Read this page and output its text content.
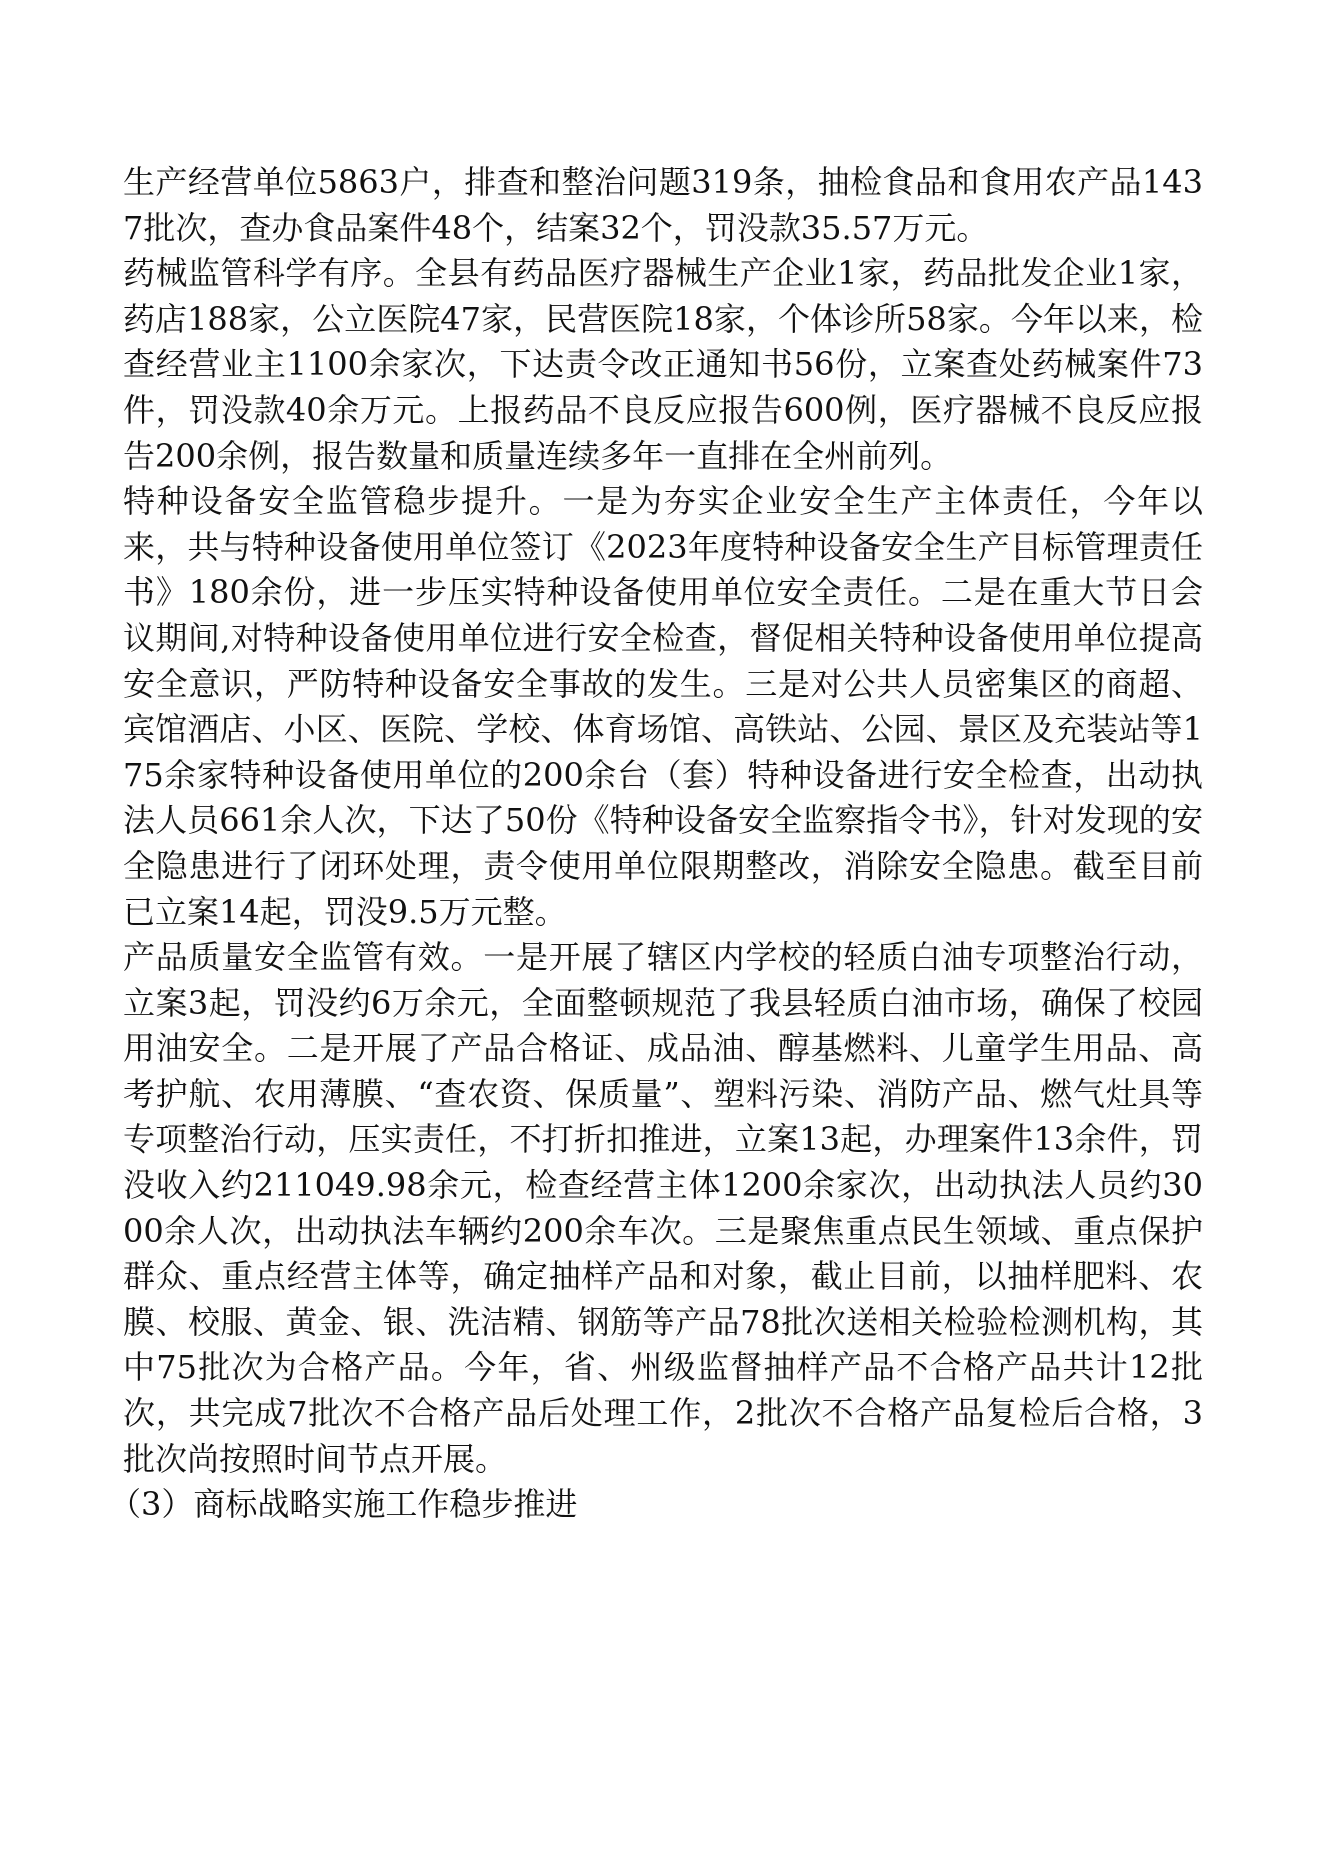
生产经营单位5863户，排查和整治问题319条，抽检食品和食用农产品1437批次，查办食品案件48个，结案32个，罚没款35.57万元。

药械监管科学有序。全县有药品医疗器械生产企业1家，药品批发企业1家，药店188家，公立医院47家，民营医院18家，个体诊所58家。今年以来，检查经营业主1100余家次，下达责令改正通知书56份，立案查处药械案件73件，罚没款40余万元。上报药品不良反应报告600例，医疗器械不良反应报告200余例，报告数量和质量连续多年一直排在全州前列。

特种设备安全监管稳步提升。一是为夯实企业安全生产主体责任，今年以来，共与特种设备使用单位签订《2023年度特种设备安全生产目标管理责任书》180余份，进一步压实特种设备使用单位安全责任。二是在重大节日会议期间,对特种设备使用单位进行安全检查，督促相关特种设备使用单位提高安全意识，严防特种设备安全事故的发生。三是对公共人员密集区的商超、宾馆酒店、小区、医院、学校、体育场馆、高铁站、公园、景区及充装站等175余家特种设备使用单位的200余台（套）特种设备进行安全检查，出动执法人员661余人次，下达了50份《特种设备安全监察指令书》，针对发现的安全隐患进行了闭环处理，责令使用单位限期整改，消除安全隐患。截至目前已立案14起，罚没9.5万元整。

产品质量安全监管有效。一是开展了辖区内学校的轻质白油专项整治行动，立案3起，罚没约6万余元，全面整顿规范了我县轻质白油市场，确保了校园用油安全。二是开展了产品合格证、成品油、醇基燃料、儿童学生用品、高考护航、农用薄膜、“查农资、保质量”、塑料污染、消防产品、燃气灶具等专项整治行动，压实责任，不打折扣推进，立案13起，办理案件13余件，罚没收入约211049.98余元，检查经营主体1200余家次，出动执法人员约3000余人次，出动执法车辆约200余车次。三是聚焦重点民生领域、重点保护群众、重点经营主体等，确定抽样产品和对象，截止目前，以抽样肥料、农膜、校服、黄金、银、洗洁精、钢筋等产品78批次送相关检验检测机构，其中75批次为合格产品。今年，省、州级监督抽样产品不合格产品共计12批次，共完成7批次不合格产品后处理工作，2批次不合格产品复检后合格，3批次尚按照时间节点开展。

（3）商标战略实施工作稳步推进
